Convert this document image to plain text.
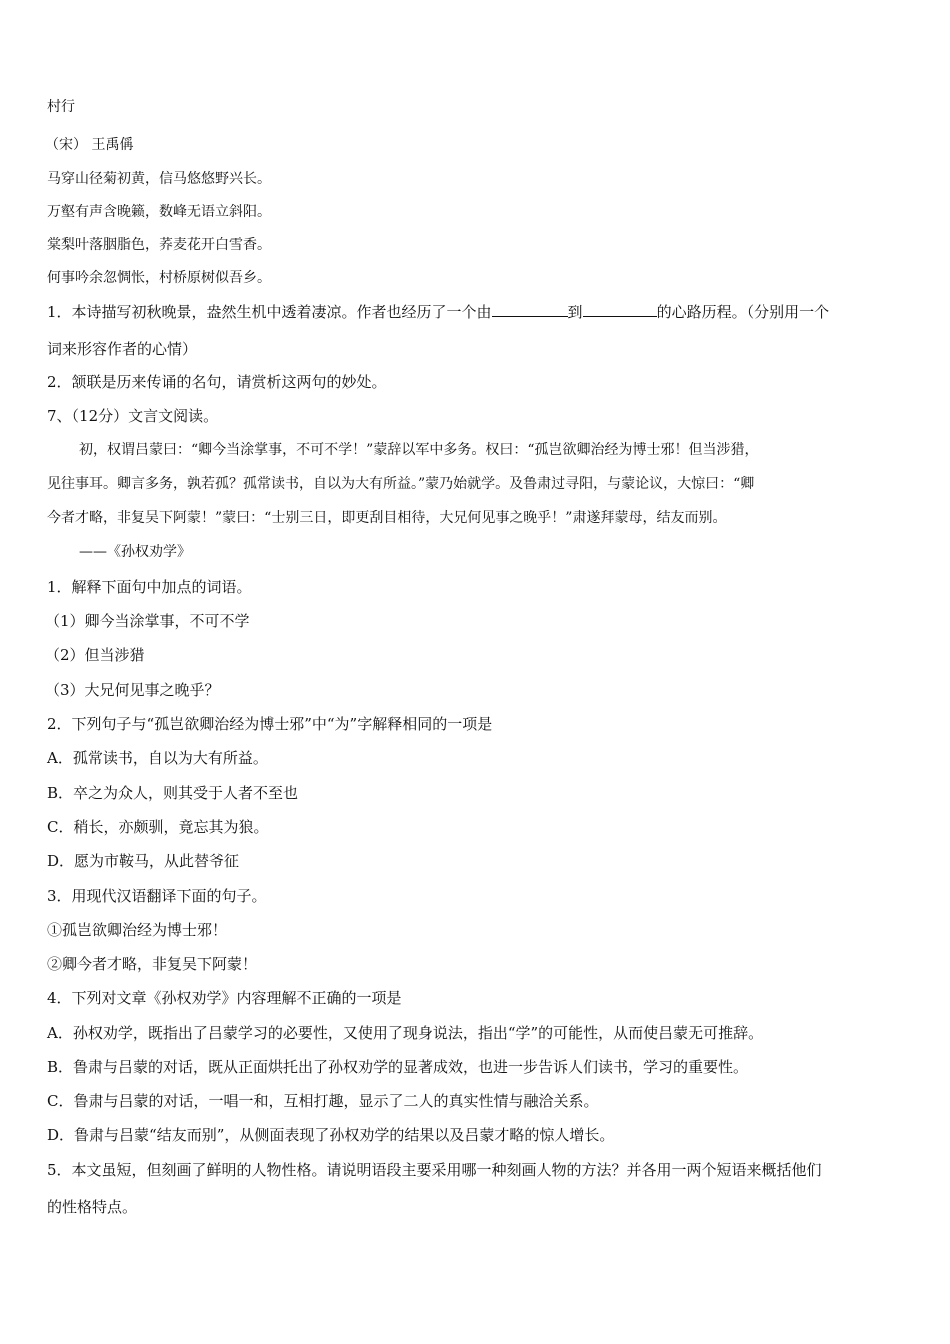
村行
（宋） 王禹偁
马穿山径菊初黄，信马悠悠野兴长。
万壑有声含晚籁，数峰无语立斜阳。
棠梨叶落胭脂色，荞麦花开白雪香。
何事吟余忽惆怅，村桥原树似吾乡。
1．本诗描写初秋晚景，盎然生机中透着凄凉。作者也经历了一个由	到	的心路历程。（分别用一个
词来形容作者的心情）
2．颔联是历来传诵的名句，请赏析这两句的妙处。
7、（12分）文言文阅读。
初，权谓吕蒙曰：“卿今当涂掌事，不可不学！”蒙辞以军中多务。权曰：“孤岂欲卿治经为博士邪！但当涉猎，
见往事耳。卿言多务，孰若孤？孤常读书，自以为大有所益。”蒙乃始就学。及鲁肃过寻阳，与蒙论议，大惊曰：“卿
今者才略，非复吴下阿蒙！”蒙曰：“士别三日，即更刮目相待，大兄何见事之晚乎！”肃遂拜蒙母，结友而别。
——《孙权劝学》
1．解释下面句中加点的词语。
（1）卿今当涂掌事，不可不学
（2）但当涉猎
（3）大兄何见事之晚乎？
2．下列句子与“孤岂欲卿治经为博士邪”中“为”字解释相同的一项是
A．孤常读书，自以为大有所益。
B．卒之为众人，则其受于人者不至也
C．稍长，亦颇驯，竟忘其为狼。
D．愿为市鞍马，从此替爷征
3．用现代汉语翻译下面的句子。
①孤岂欲卿治经为博士邪！
②卿今者才略，非复吴下阿蒙！
4．下列对文章《孙权劝学》内容理解不正确的一项是
A．孙权劝学，既指出了吕蒙学习的必要性，又使用了现身说法，指出“学”的可能性，从而使吕蒙无可推辞。
B．鲁肃与吕蒙的对话，既从正面烘托出了孙权劝学的显著成效，也进一步告诉人们读书，学习的重要性。
C．鲁肃与吕蒙的对话，一唱一和，互相打趣，显示了二人的真实性情与融洽关系。
D．鲁肃与吕蒙“结友而别”，从侧面表现了孙权劝学的结果以及吕蒙才略的惊人增长。
5．本文虽短，但刻画了鲜明的人物性格。请说明语段主要采用哪一种刻画人物的方法？并各用一两个短语来概括他们
的性格特点。
